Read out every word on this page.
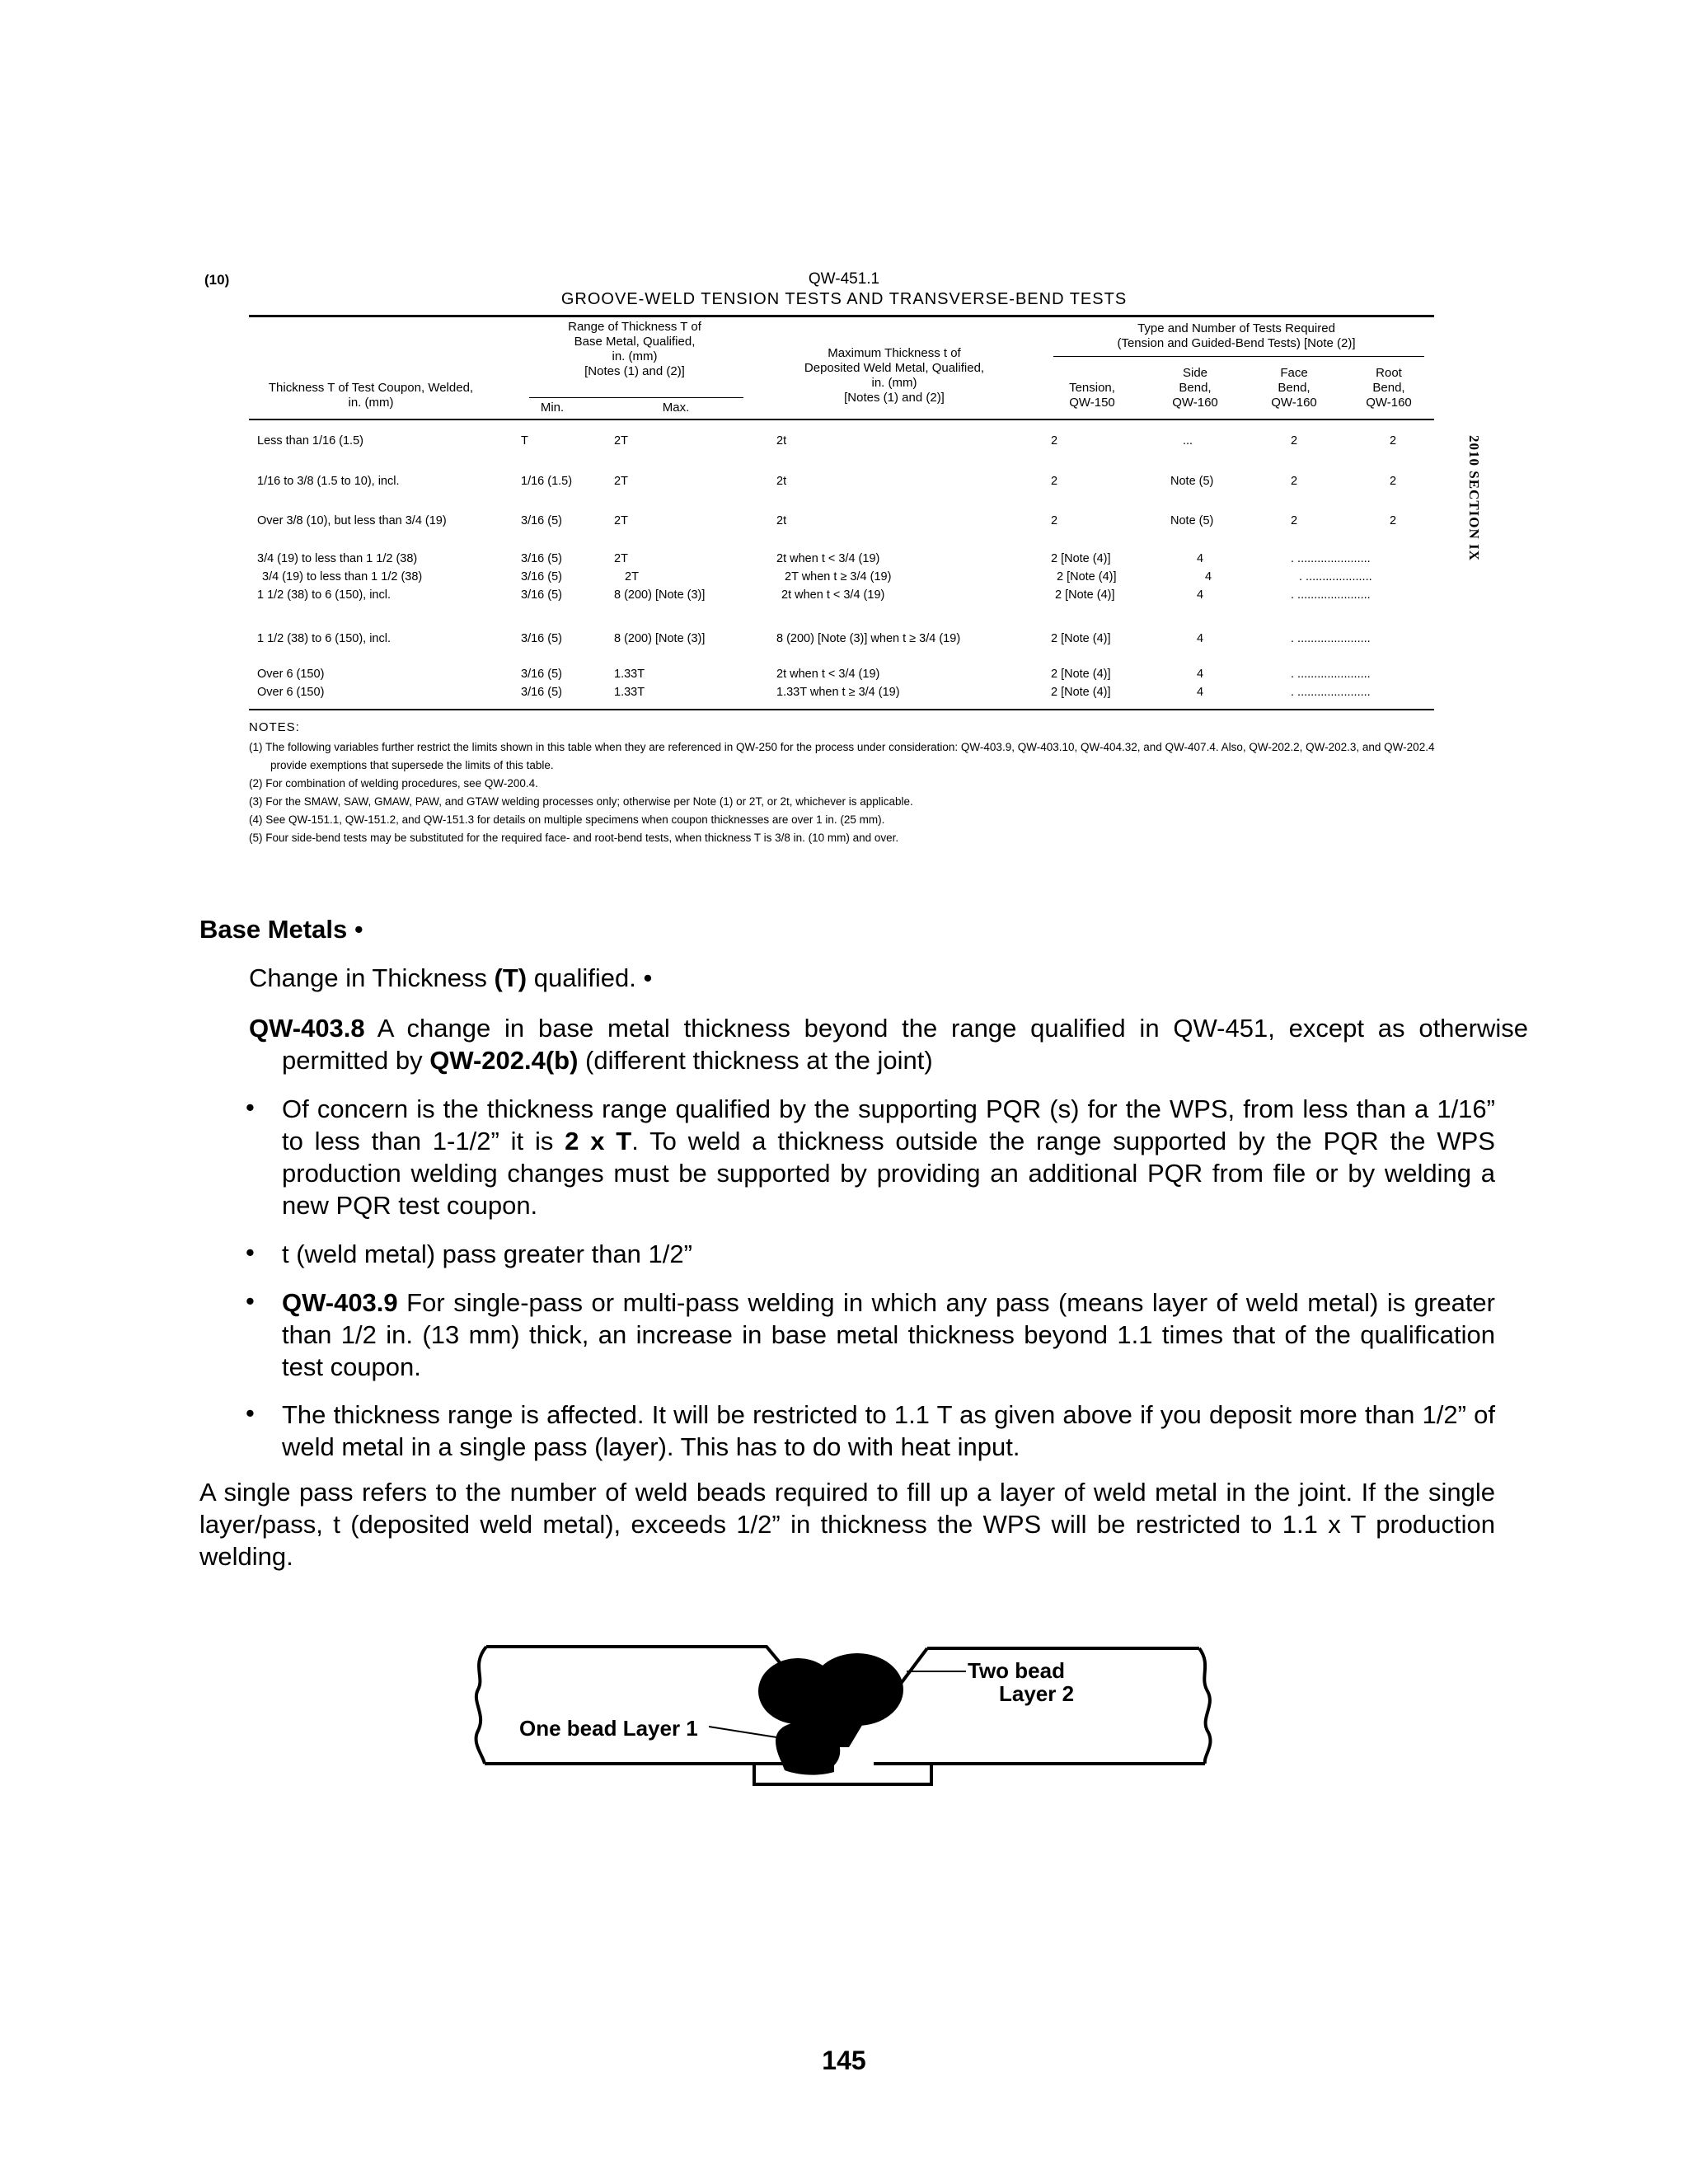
(10)	QW-451.1
GROOVE-WELD TENSION TESTS AND TRANSVERSE-BEND TESTS
Range of Thickness T of
Base Metal, Qualified,
in. (mm)
[Notes (1) and (2)]
Maximum Thickness t of
Deposited Weld Metal, Qualified,
in. (mm)
[Notes (1) and (2)]
Type and Number of Tests Required
(Tension and Guided-Bend Tests) [Note (2)]
Thickness T of Test Coupon, Welded,
in. (mm)	Min.	Max.
Tension,
QW-150
Side
Bend,
QW-160
Face
Bend,
QW-160
Root
Bend,
QW-160
Less than 1/16 (1.5)	T	2T	2t	2	...	2	2
1/16 to 3/8 (1.5 to 10), incl.	1/16 (1.5)	2T	2t	2	Note (5)	2	2
Over 3/8 (10), but less than 3/4 (19)	3/16 (5)	2T	2t	2	Note (5)	2	2
3/4 (19) to less than 1 1/2 (38)	3/16 (5)	2T	2t when t < 3/4 (19)	2 [Note (4)]	4	. ......................
3/4 (19) to less than 1 1/2 (38)	3/16 (5)	2T	2T when t ≥ 3/4 (19)	2 [Note (4)]	4	. ....................
1 1/2 (38) to 6 (150), incl.	3/16 (5)	8 (200) [Note (3)]	2t when t < 3/4 (19)	2 [Note (4)]	4	. ......................
1 1/2 (38) to 6 (150), incl.	3/16 (5)	8 (200) [Note (3)]	8 (200) [Note (3)] when t ≥ 3/4 (19)	2 [Note (4)]	4	. ......................
Over 6 (150)	3/16 (5)	1.33T	2t when t < 3/4 (19)	2 [Note (4)]	4	. ......................
Over 6 (150)	3/16 (5)	1.33T	1.33T when t ≥ 3/4 (19)	2 [Note (4)]	4	. ......................
NOTES:
(1) The following variables further restrict the limits shown in this table when they are referenced in QW-250 for the process under consideration: QW-403.9, QW-403.10, QW-404.32, and QW-407.4. Also, QW-202.2, QW-202.3, and QW-202.4 provide exemptions that supersede the limits of this table.
(2) For combination of welding procedures, see QW-200.4.
(3) For the SMAW, SAW, GMAW, PAW, and GTAW welding processes only; otherwise per Note (1) or 2T, or 2t, whichever is applicable.
(4) See QW-151.1, QW-151.2, and QW-151.3 for details on multiple specimens when coupon thicknesses are over 1 in. (25 mm).
(5) Four side-bend tests may be substituted for the required face- and root-bend tests, when thickness T is 3/8 in. (10 mm) and over.
2010 SECTION IX
Base Metals •
Change in Thickness (T) qualified. •
QW-403.8 A change in base metal thickness beyond the range qualified in QW-451, except as otherwise permitted by QW-202.4(b) (different thickness at the joint)
• Of concern is the thickness range qualified by the supporting PQR (s) for the WPS, from less than a 1/16” to less than 1-1/2” it is 2 x T. To weld a thickness outside the range supported by the PQR the WPS production welding changes must be supported by providing an additional PQR from file or by welding a new PQR test coupon.
• t (weld metal) pass greater than 1/2”
• QW-403.9 For single-pass or multi-pass welding in which any pass (means layer of weld metal) is greater than 1/2 in. (13 mm) thick, an increase in base metal thickness beyond 1.1 times that of the qualification test coupon.
• The thickness range is affected. It will be restricted to 1.1 T as given above if you deposit more than 1/2” of weld metal in a single pass (layer). This has to do with heat input.
A single pass refers to the number of weld beads required to fill up a layer of weld metal in the joint. If the single layer/pass, t (deposited weld metal), exceeds 1/2” in thickness the WPS will be restricted to 1.1 x T production welding.
One bead Layer 1
Two bead
Layer 2
145
